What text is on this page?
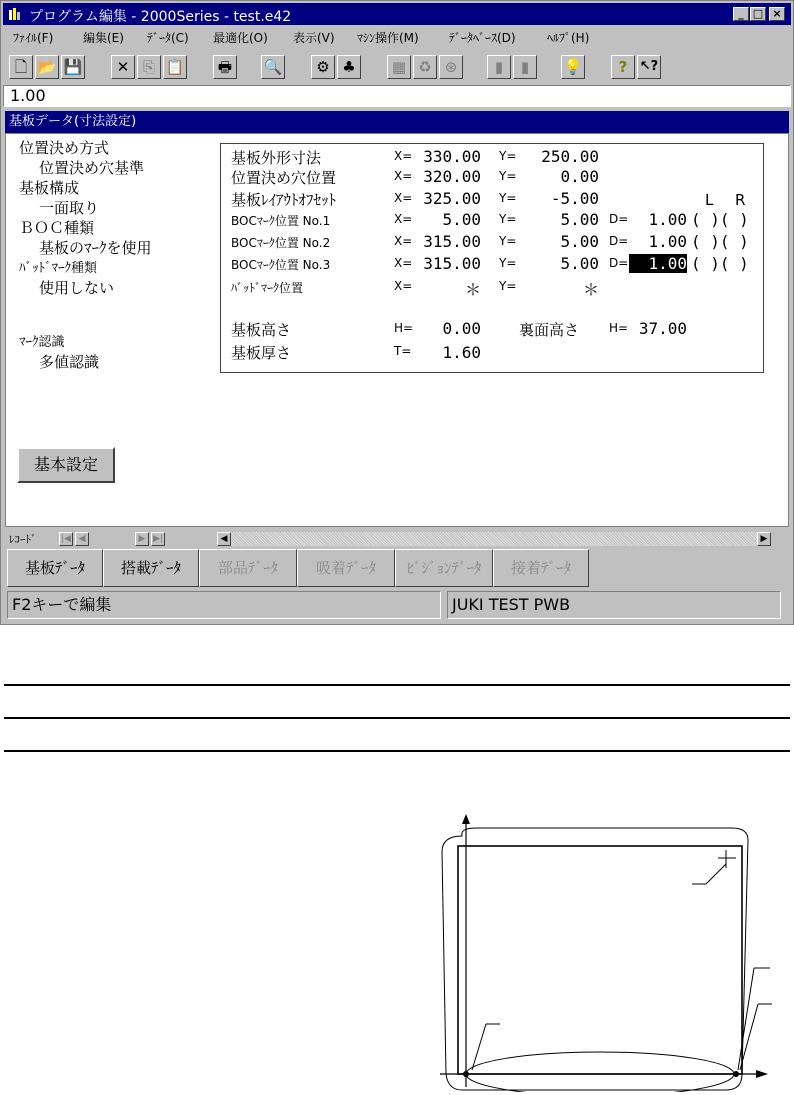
プログラム編集 - 2000Series - test.e42	_ □ ×
ﾌｧｲﾙ(F) 編集(E) ﾃﾞｰﾀ(C) 最適化(O) 表示(V) ﾏｼﾝ操作(M)	ﾃﾞｰﾀﾍﾞｰｽ(D)	ﾍﾙﾌﾟ(H)
🗋 📂 💾	✕ ⎘ 📋	🖶	🔍	⚙ ♣	▦ ♻ ⊛	▮	▮	💡	? ↖?
1.00
基板データ(寸法設定)
位置決め方式
位置決め穴基準
基板構成
一面取り
ＢＯＣ種類
基板のﾏｰｸを使用
ﾊﾞｯﾄﾞﾏｰｸ種類
使用しない
ﾏｰｸ認識
多値認識
L R
基板外形寸法	X= 330.00 Y=	250.00
位置決め穴位置	X= 320.00 Y=	0.00
基板ﾚｲｱｳﾄｵﾌｾｯﾄ	X= 325.00 Y=	-5.00
BOCﾏｰｸ位置 No.1	X=	5.00 Y=	5.00 D=	1.00 ( )( )
BOCﾏｰｸ位置 No.2	X= 315.00 Y=	5.00 D=	1.00 ( )( )
BOCﾏｰｸ位置 No.3	X= 315.00 Y=	5.00 D=	1.00 ( )( )
ﾊﾞｯﾄﾞﾏｰｸ位置	X=	＊ Y=	＊
基板高さ	H=	0.00	裏面高さ H= 37.00
基板厚さ	T=	1.60
基本設定
ﾚｺｰﾄﾞ	|◀ ◀	▶ ▶|	◀	▶
基板ﾃﾞｰﾀ	搭載ﾃﾞｰﾀ	部品ﾃﾞｰﾀ	吸着ﾃﾞｰﾀ	ﾋﾞｼﾞｮﾝﾃﾞｰﾀ	接着ﾃﾞｰﾀ
F2キーで編集	JUKI TEST PWB
